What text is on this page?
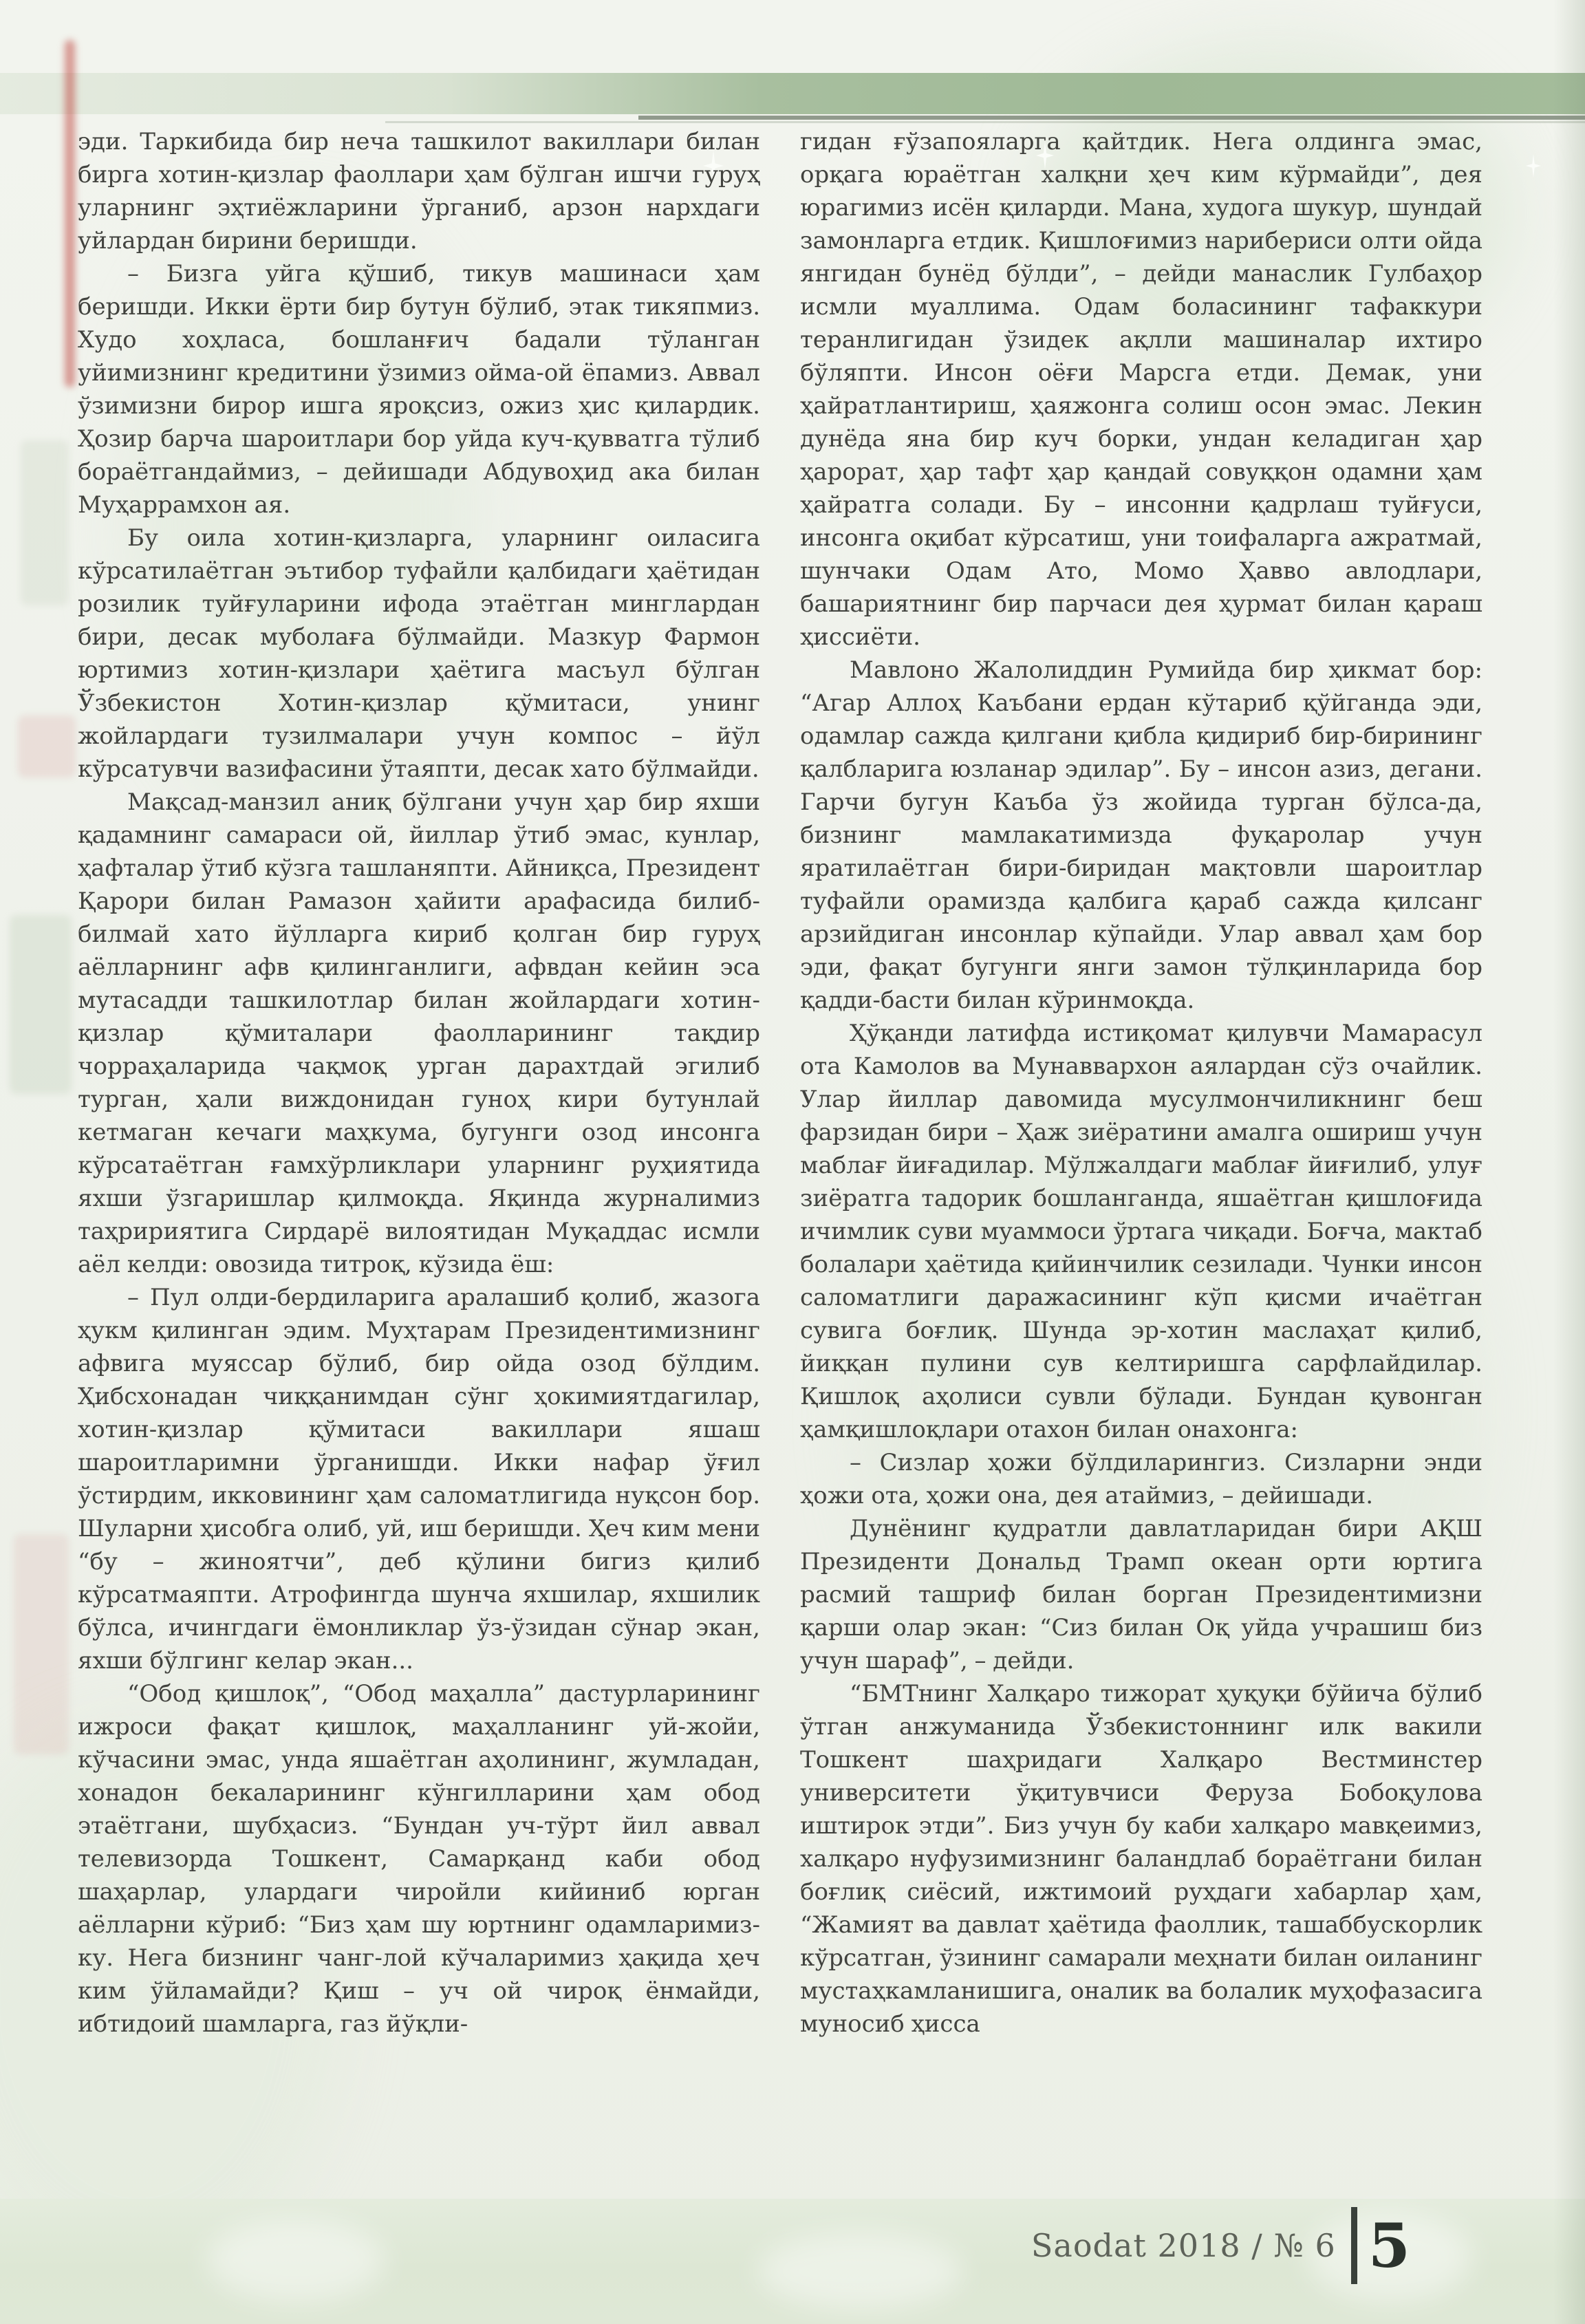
эди. Таркибида бир неча ташкилот вакиллари билан бирга хотин-қизлар фаоллари ҳам бўлган ишчи гуруҳ уларнинг эҳтиёжларини ўрганиб, арзон нархдаги уйлардан бирини беришди.

– Бизга уйга қўшиб, тикув машинаси ҳам беришди. Икки ёрти бир бутун бўлиб, этак тикяпмиз. Худо хоҳласа, бошланғич бадали тўланган уйимизнинг кредитини ўзимиз ойма-ой ёпамиз. Аввал ўзимизни бирор ишга яроқсиз, ожиз ҳис қилардик. Ҳозир барча шароитлари бор уйда куч-қувватга тўлиб бораётгандаймиз, – дейишади Абдувоҳид ака билан Муҳаррамхон ая.

Бу оила хотин-қизларга, уларнинг оиласига кўрсатилаётган эътибор туфайли қалбидаги ҳаётидан розилик туйғуларини ифода этаётган минглардан бири, десак муболаға бўлмайди. Мазкур Фармон юртимиз хотин-қизлари ҳаётига масъул бўлган Ўзбекистон Хотин-қизлар қўмитаси, унинг жойлардаги тузилмалари учун компос – йўл кўрсатувчи вазифасини ўтаяпти, десак хато бўлмайди.

Мақсад-манзил аниқ бўлгани учун ҳар бир яхши қадамнинг самараси ой, йиллар ўтиб эмас, кунлар, ҳафталар ўтиб кўзга ташланяпти. Айниқса, Президент Қарори билан Рамазон ҳайити арафасида билиб-билмай хато йўлларга кириб қолган бир гуруҳ аёлларнинг афв қилинганлиги, афвдан кейин эса мутасадди ташкилотлар билан жойлардаги хотин-қизлар қўмиталари фаолларининг тақдир чорраҳаларида чақмоқ урган дарахтдай эгилиб турган, ҳали виждонидан гуноҳ кири бутунлай кетмаган кечаги маҳкума, бугунги озод инсонга кўрсатаётган ғамхўрликлари уларнинг руҳиятида яхши ўзгаришлар қилмоқда. Яқинда журналимиз таҳририятига Сирдарё вилоятидан Муқаддас исмли аёл келди: овозида титроқ, кўзида ёш:

– Пул олди-бердиларига аралашиб қолиб, жазога ҳукм қилинган эдим. Муҳтарам Президентимизнинг афвига муяссар бўлиб, бир ойда озод бўлдим. Ҳибсхонадан чиққанимдан сўнг ҳокимиятдагилар, хотин-қизлар қўмитаси вакиллари яшаш шароитларимни ўрганишди. Икки нафар ўғил ўстирдим, икковининг ҳам саломатлигида нуқсон бор. Шуларни ҳисобга олиб, уй, иш беришди. Ҳеч ким мени “бу – жиноятчи”, деб қўлини бигиз қилиб кўрсатмаяпти. Атрофингда шунча яхшилар, яхшилик бўлса, ичингдаги ёмонликлар ўз-ўзидан сўнар экан, яхши бўлгинг келар экан...

“Обод қишлоқ”, “Обод маҳалла” дастурларининг ижроси фақат қишлоқ, маҳалланинг уй-жойи, кўчасини эмас, унда яшаётган аҳолининг, жумладан, хонадон бекаларининг кўнгилларини ҳам обод этаётгани, шубҳасиз. “Бундан уч-тўрт йил аввал телевизорда Тошкент, Самарқанд каби обод шаҳарлар, улардаги чиройли кийиниб юрган аёлларни кўриб: “Биз ҳам шу юртнинг одамларимиз-ку. Нега бизнинг чанг-лой кўчаларимиз ҳақида ҳеч ким ўйламайди? Қиш – уч ой чироқ ёнмайди, ибтидоий шамларга, газ йўқли-

гидан ғўзапояларга қайтдик. Нега олдинга эмас, орқага юраётган халқни ҳеч ким кўрмайди”, дея юрагимиз исён қиларди. Мана, худога шукур, шундай замонларга етдик. Қишлоғимиз нарибериси олти ойда янгидан бунёд бўлди”, – дейди манаслик Гулбаҳор исмли муаллима. Одам боласининг тафаккури теранлигидан ўзидек ақлли машиналар ихтиро бўляпти. Инсон оёғи Марсга етди. Демак, уни ҳайратлантириш, ҳаяжонга солиш осон эмас. Лекин дунёда яна бир куч борки, ундан келадиган ҳар ҳарорат, ҳар тафт ҳар қандай совуққон одамни ҳам ҳайратга солади. Бу – инсонни қадрлаш туйғуси, инсонга оқибат кўрсатиш, уни тоифаларга ажратмай, шунчаки Одам Ато, Момо Ҳавво авлодлари, башариятнинг бир парчаси дея ҳурмат билан қараш ҳиссиёти.

Мавлоно Жалолиддин Румийда бир ҳикмат бор: “Агар Аллоҳ Каъбани ердан кўтариб қўйганда эди, одамлар сажда қилгани қибла қидириб бир-бирининг қалбларига юзланар эдилар”. Бу – инсон азиз, дегани. Гарчи бугун Каъба ўз жойида турган бўлса-да, бизнинг мамлакатимизда фуқаролар учун яратилаётган бири-биридан мақтовли шароитлар туфайли орамизда қалбига қараб сажда қилсанг арзийдиган инсонлар кўпайди. Улар аввал ҳам бор эди, фақат бугунги янги замон тўлқинларида бор қадди-басти билан кўринмоқда.

Ҳўқанди латифда истиқомат қилувчи Мамарасул ота Камолов ва Мунаввархон аялардан сўз очайлик. Улар йиллар давомида мусулмончиликнинг беш фарзидан бири – Ҳаж зиёратини амалга ошириш учун маблағ йиғадилар. Мўлжалдаги маблағ йиғилиб, улуғ зиёратга тадорик бошланганда, яшаётган қишлоғида ичимлик суви муаммоси ўртага чиқади. Боғча, мактаб болалари ҳаётида қийинчилик сезилади. Чунки инсон саломатлиги даражасининг кўп қисми ичаётган сувига боғлиқ. Шунда эр-хотин маслаҳат қилиб, йиққан пулини сув келтиришга сарфлайдилар. Қишлоқ аҳолиси сувли бўлади. Бундан қувонган ҳамқишлоқлари отахон билан онахонга:

– Сизлар ҳожи бўлдиларингиз. Сизларни энди ҳожи ота, ҳожи она, дея атаймиз, – дейишади.

Дунёнинг қудратли давлатларидан бири АҚШ Президенти Дональд Трамп океан орти юртига расмий ташриф билан борган Президентимизни қарши олар экан: “Сиз билан Оқ уйда учрашиш биз учун шараф”, – дейди.

“БМТнинг Халқаро тижорат ҳуқуқи бўйича бўлиб ўтган анжуманида Ўзбекистоннинг илк вакили Тошкент шаҳридаги Халқаро Вестминстер университети ўқитувчиси Феруза Бобоқулова иштирок этди”. Биз учун бу каби халқаро мавқеимиз, халқаро нуфузимизнинг баландлаб бораётгани билан боғлиқ сиёсий, ижтимоий руҳдаги хабарлар ҳам, “Жамият ва давлат ҳаётида фаоллик, ташаббускорлик кўрсатган, ўзининг самарали меҳнати билан оиланинг мустаҳкамланишига, оналик ва болалик муҳофазасига муносиб ҳисса

Saodat 2018 / № 6 5
